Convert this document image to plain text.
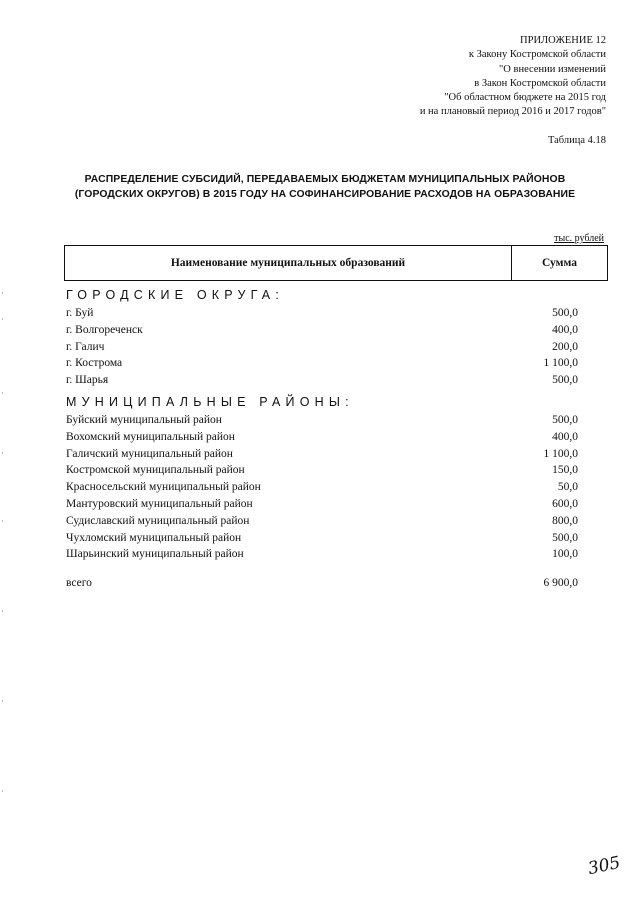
ПРИЛОЖЕНИЕ 12
к Закону Костромской области
"О внесении изменений
в Закон Костромской области
"Об областном бюджете на 2015 год
и на плановый период 2016 и 2017 годов"
Таблица 4.18
РАСПРЕДЕЛЕНИЕ СУБСИДИЙ, ПЕРЕДАВАЕМЫХ БЮДЖЕТАМ МУНИЦИПАЛЬНЫХ РАЙОНОВ
(ГОРОДСКИХ ОКРУГОВ) В 2015 ГОДУ НА СОФИНАНСИРОВАНИЕ РАСХОДОВ НА ОБРАЗОВАНИЕ
тыс. рублей
Наименование муниципальных образований	Сумма
ГОРОДСКИЕ ОКРУГА:
г. Буй	500,0
г. Волгореченск	400,0
г. Галич	200,0
г. Кострома	1 100,0
г. Шарья	500,0
МУНИЦИПАЛЬНЫЕ РАЙОНЫ:
Буйский муниципальный район	500,0
Вохомский муниципальный район	400,0
Галичский муниципальный район	1 100,0
Костромской муниципальный район	150,0
Красносельский муниципальный район	50,0
Мантуровский муниципальный район	600,0
Судиславский муниципальный район	800,0
Чухломский муниципальный район	500,0
Шарьинский муниципальный район	100,0
всего	6 900,0
305
